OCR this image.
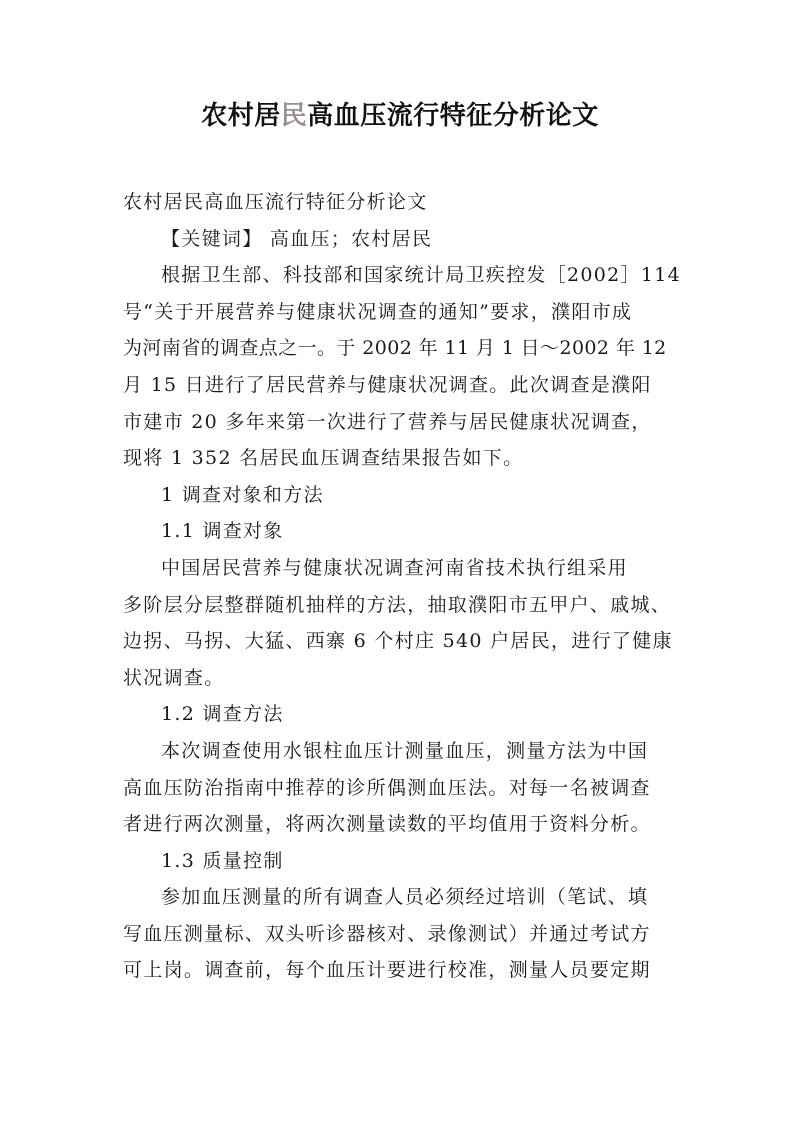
农村居民高血压流行特征分析论文

农村居民高血压流行特征分析论文

【关键词】 高血压；农村居民

根据卫生部、科技部和国家统计局卫疾控发［2002］114

号“关于开展营养与健康状况调查的通知”要求，濮阳市成

为河南省的调查点之一。于 2002 年 11 月 1 日～2002 年 12

月 15 日进行了居民营养与健康状况调查。此次调查是濮阳

市建市 20 多年来第一次进行了营养与居民健康状况调查，

现将 1 352 名居民血压调查结果报告如下。

1 调查对象和方法

1.1 调查对象

中国居民营养与健康状况调查河南省技术执行组采用

多阶层分层整群随机抽样的方法，抽取濮阳市五甲户、戚城、

边拐、马拐、大猛、西寨 6 个村庄 540 户居民，进行了健康

状况调查。

1.2 调查方法

本次调查使用水银柱血压计测量血压，测量方法为中国

高血压防治指南中推荐的诊所偶测血压法。对每一名被调查

者进行两次测量，将两次测量读数的平均值用于资料分析。

1.3 质量控制

参加血压测量的所有调查人员必须经过培训（笔试、填

写血压测量标、双头听诊器核对、录像测试）并通过考试方

可上岗。调查前，每个血压计要进行校准，测量人员要定期
